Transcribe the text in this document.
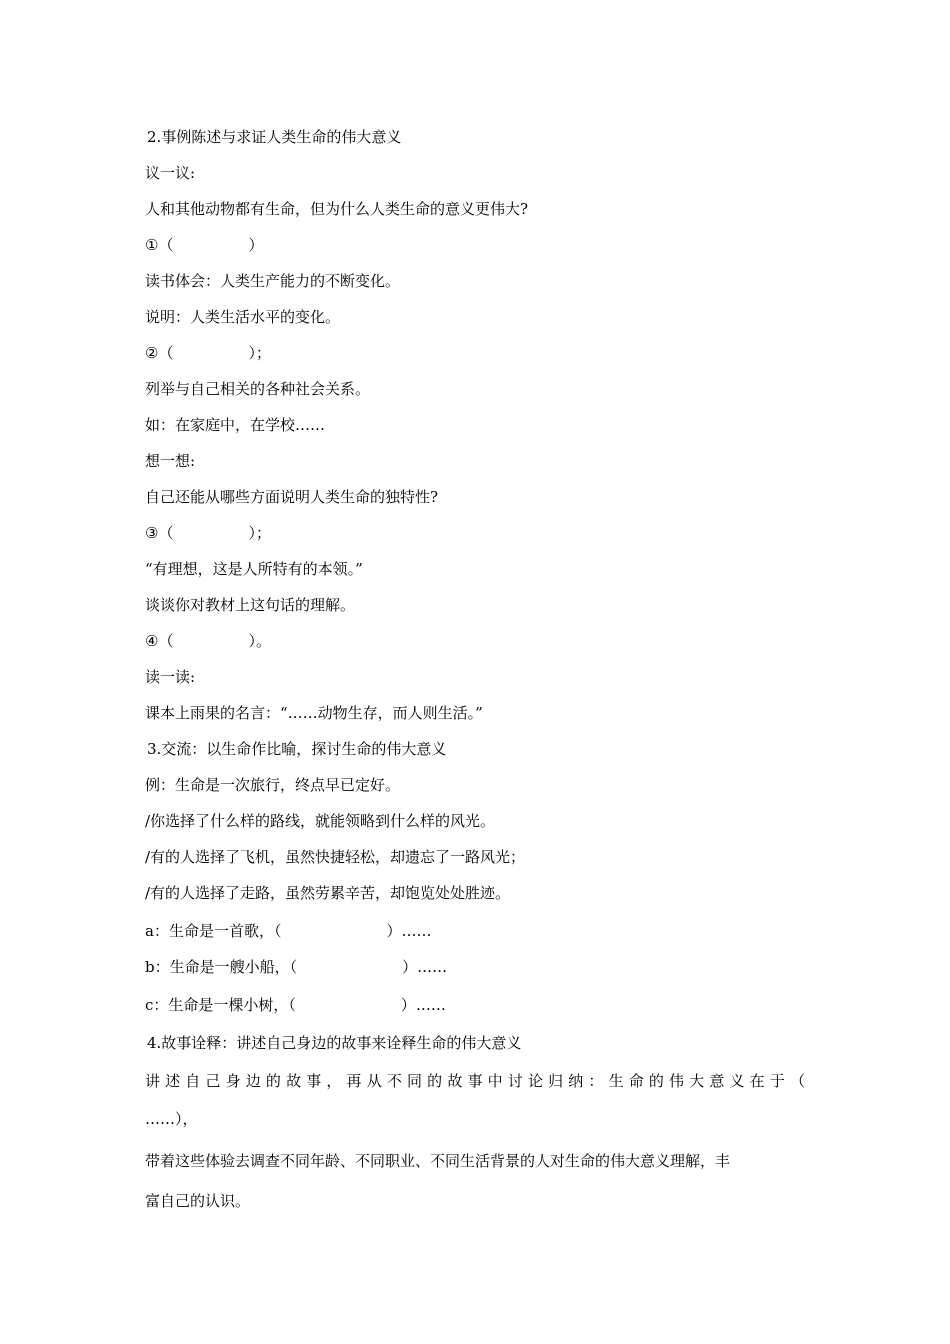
2.事例陈述与求证人类生命的伟大意义
议一议:
人和其他动物都有生命，但为什么人类生命的意义更伟大?
①（　　　　　）
读书体会：人类生产能力的不断变化。
说明：人类生活水平的变化。
②（　　　　　）；
列举与自己相关的各种社会关系。
如：在家庭中，在学校……
想一想:
自己还能从哪些方面说明人类生命的独特性?
③（　　　　　）；
“有理想，这是人所特有的本领。”
谈谈你对教材上这句话的理解。
④（　　　　　）。
读一读:
课本上雨果的名言：“……动物生存，而人则生活。”
3.交流：以生命作比喻，探讨生命的伟大意义
例：生命是一次旅行，终点早已定好。
/你选择了什么样的路线，就能领略到什么样的风光。
/有的人选择了飞机，虽然快捷轻松，却遗忘了一路风光；
/有的人选择了走路，虽然劳累辛苦，却饱览处处胜迹。
a：生命是一首歌，（　　　　　　　）……
b：生命是一艘小船，（　　　　　　　）……
c：生命是一棵小树，（　　　　　　　）……
4.故事诠释：讲述自己身边的故事来诠释生命的伟大意义
讲述自己身边的故事，再从不同的故事中讨论归纳：生命的伟大意义在于（
……），
带着这些体验去调查不同年龄、不同职业、不同生活背景的人对生命的伟大意义理解，丰
富自己的认识。
